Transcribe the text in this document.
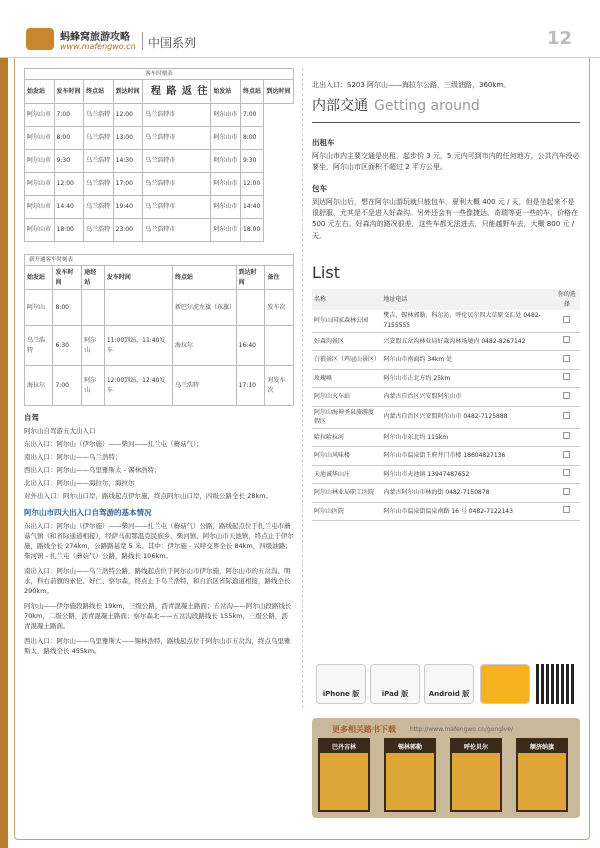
蚂蜂窝旅游攻略
www.mafengwo.cn 中国系列	12
客车时刻表
始发站	发车时间	终点站	到达时间	往返路程	始发站	终点站	到达时间
阿尔山市	7:00	乌兰浩特	12:00	乌兰浩特市	阿尔山市	7:00	
阿尔山市	8:00	乌兰浩特	13:00	乌兰浩特市	阿尔山市	8:00	
阿尔山市	9:30	乌兰浩特	14:30	乌兰浩特市	阿尔山市	9:30	
阿尔山市	12:00	乌兰浩特	17:00	乌兰浩特市	阿尔山市	12:00	
阿尔山市	14:40	乌兰浩特	19:40	乌兰浩特市	阿尔山市	14:40	
阿尔山市	18:00	乌兰浩特	23:00	乌兰浩特市	阿尔山市	18:00	
新开通客车时刻表
始发站	发车时间	途经站	发车时间	终点站	到达时间	备注
阿尔山	8:00			新巴尔虎左旗（东旗）		发车次
乌兰浩特	6:30	阿尔山	11:00到站，11:40发车	海拉尔	16:40	
海拉尔	7:00	阿尔山	12:00到站，12:40发车	乌兰浩特	17:10	对发车次
自驾

阿尔山自驾游五大出入口

东出入口：阿尔山（伊尔施）——柴河——扎兰屯（蘑菇气）；

南出入口：阿尔山——乌兰浩特；

西出入口：阿尔山——乌里雅斯太 - 锡林浩特；

北出入口：阿尔山——海拉尔，海拉尔

对外出入口：阿尔山口岸，路线起点伊尔施，终点阿尔山口岸，四级公路全长 28km。

阿尔山市四大出入口自驾游的基本情况

东出入口：阿尔山（伊尔施）——柴河——扎兰屯（蘑菇气）公路，路线起点位于扎兰屯市蘑菇气镇（和省际通道相接），经萨马街鄂温克民族乡、柴河镇、阿尔山市天池镇，终点止于伊尔施，路线全长 274km，公路路基宽 5 米。其中：伊尔施 - 兴呼交界全长 84km，四级油路；柴河镇 - 扎兰屯（蘑菇气）公路，路线长 106km。

南出入口：阿尔山——乌兰浩特公路，路线起点位于阿尔山市伊尔施，阿尔山市的五岔沟、明水，科右前旗的索伦、好仁、察尔森，终点止于乌兰浩特，和自治区省际通道相接，路线全长 290km。

阿尔山——伊尔施段路线长 19km，三级公路，沥青混凝土路面；五岔沟——阿尔山段路线长 70km，二级公路，沥青混凝土路面；察尔森北——五岔沟段路线长 155km，三级公路，沥青混凝土路面。

西出入口：阿尔山——乌里雅斯太——锡林浩特，路线起点位于阿尔山市五岔沟，终点乌里雅斯太，路线全长 455km。

北出入口：S203 阿尔山——海拉尔公路，三级油路，360km。

内部交通 Getting around
出租车

阿尔山市内主要交通是出租，起步价 3 元，5 元内可到市内的任何地方，公共汽车没必要坐，阿尔山市区面积不超过 2 平方公里。

包车

到达阿尔山后，想在阿尔山游玩就只能包车，夏利大概 400 元 / 天，但是坐起来不是很舒服，尤其是不是进入好森沟。另外还会有一些像捷达、奇瑞等更一些的车，价格在 500 元左右。好森沟的路况很差，这些车都无法进去，只能越野车去，大概 800 元 / 天。

List
名称	地址电话	你的选择
阿尔山国家森林公园	樊吉、锡林郭勒、科尔沁、呼伦贝尔四大草原交汇处 0482-7155555	
好森沟景区	兴安盟五岔沟林业局好森沟林场境内 0482-8267142	
白狼景区（鸡冠山景区）	阿尔山市南面约 34km 处	
玫瑰峰	阿尔山市正北方约 25km	
阿尔山火车站	内蒙古自治区兴安盟阿尔山市	
阿尔山海神圣泉旅游度假区	内蒙古自治区兴安盟阿尔山市 0482-7125888	
哈拉哈拉河	阿尔山市东北约 115km	
阿尔山风味楼	阿尔山市温泉街王府井门市楼 18604827136	
天池诚华山庄	阿尔山市天池镇 13947487652	
阿尔山林业局职工医院	内蒙古阿尔山市林海街 0482-7150878	
阿尔山医院	阿尔山市温泉街温泉南路 16 号 0482-7122143	
iPhone 版	iPad 版	Android 版
更多相关路书下载 http://www.mafengwo.cn/gonglve/
巴丹吉林	锡林郭勒	呼伦贝尔	额济纳旗
